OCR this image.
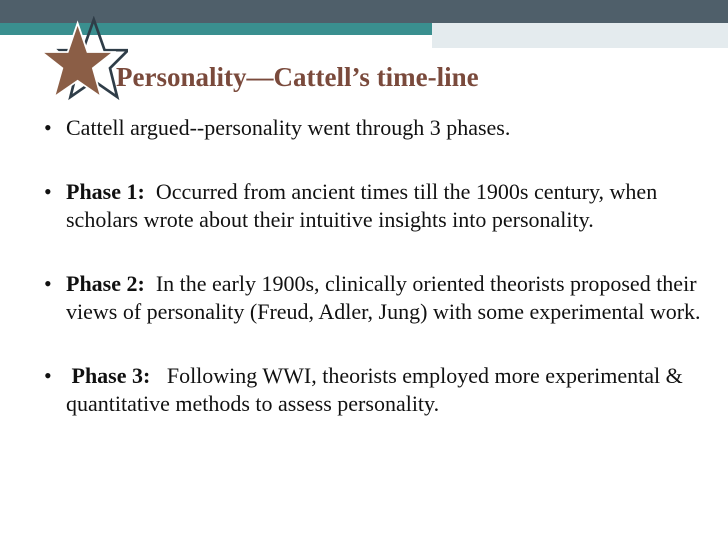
Personality—Cattell’s time-line
• Cattell argued--personality went through 3 phases.
• Phase 1:  Occurred from ancient times till the 1900s century, when scholars wrote about their intuitive insights into personality.
• Phase 2:  In the early 1900s, clinically oriented theorists proposed their views of personality (Freud, Adler, Jung) with some experimental work.
• Phase 3:   Following WWI, theorists employed more experimental & quantitative methods to assess personality.
